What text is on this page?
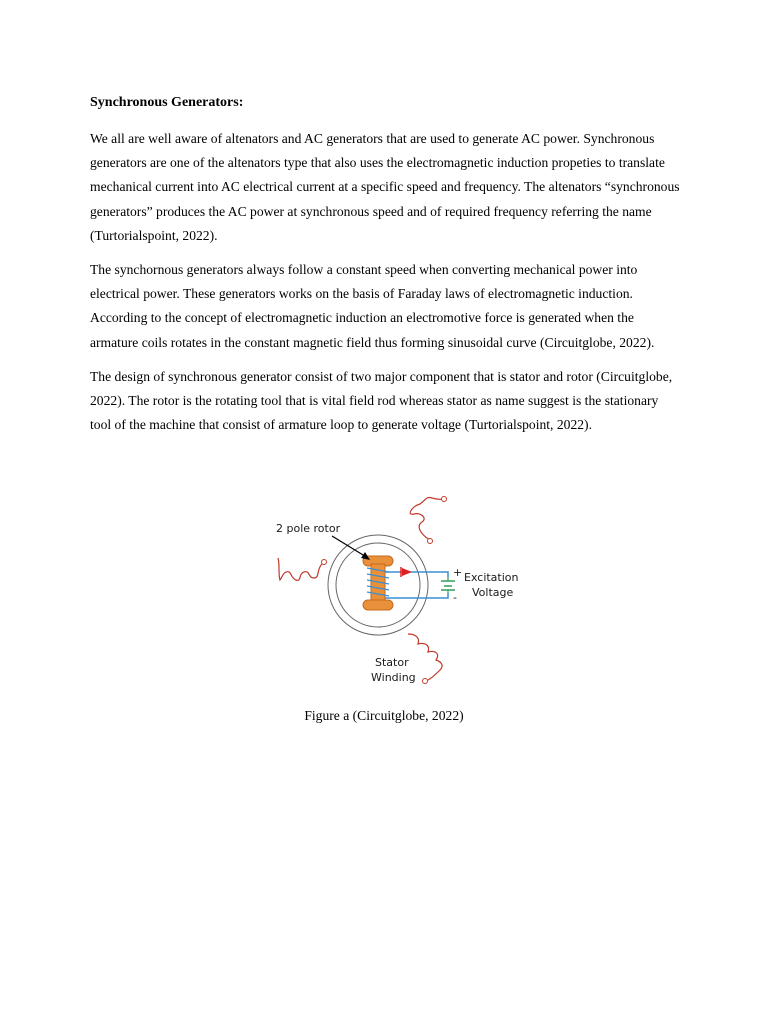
Synchronous Generators:

We all are well aware of altenators and AC generators that are used to generate AC power. Synchronous generators are one of the altenators type that also uses the electromagnetic induction propeties to translate mechanical current into AC electrical current at a specific speed and frequency. The altenators “synchronous generators” produces the AC power at synchronous speed and of required frequency referring the name (Turtorialspoint, 2022).

The synchornous generators always follow a constant speed when converting mechanical power into electrical power. These generators works on the basis of Faraday laws of electromagnetic induction. According to the concept of electromagnetic induction an electromotive force is generated when the armature coils rotates in the constant magnetic field thus forming sinusoidal curve (Circuitglobe, 2022).

The design of synchronous generator consist of two major component that is stator and rotor (Circuitglobe, 2022). The rotor is the rotating tool that is vital field rod whereas stator as name suggest is the stationary tool of the machine that consist of armature loop to generate voltage (Turtorialspoint, 2022).

2 pole rotor
+
-
Excitation
Voltage
Stator
Winding
Figure a (Circuitglobe, 2022)
